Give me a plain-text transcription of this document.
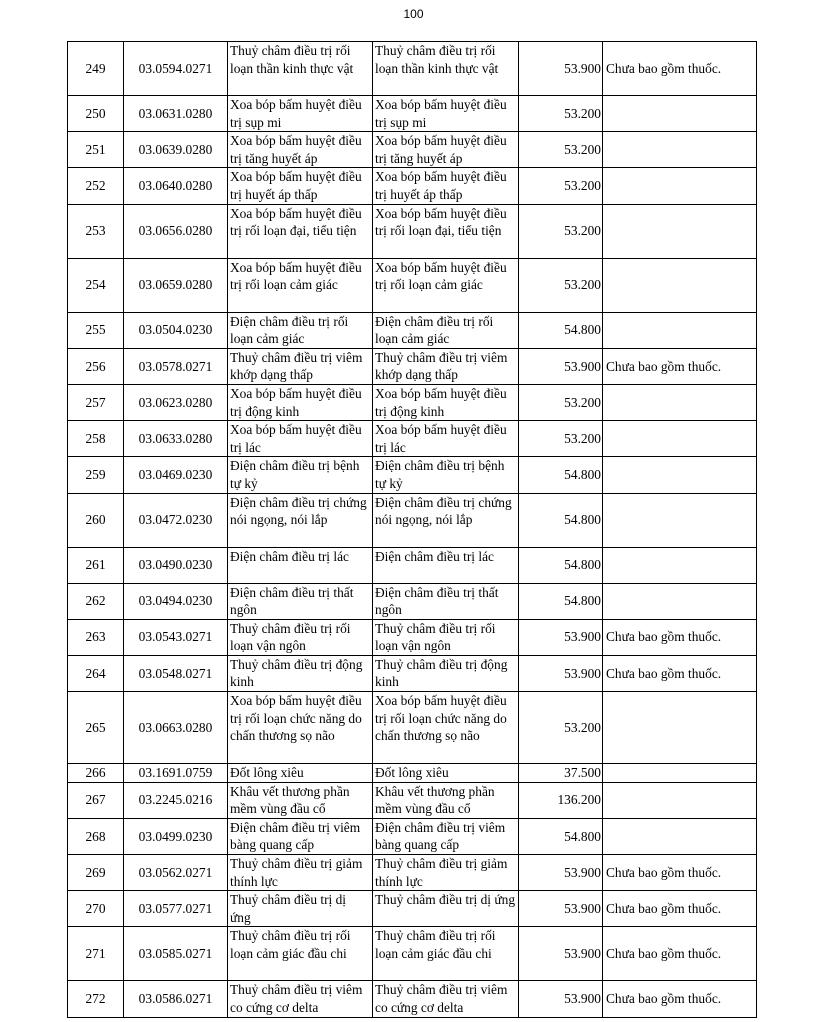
100
249	03.0594.0271	Thuỷ châm điều trị rối loạn thần kinh thực vật	Thuỷ châm điều trị rối loạn thần kinh thực vật	53.900	Chưa bao gồm thuốc.
250	03.0631.0280	Xoa bóp bấm huyệt điều trị sụp mi	Xoa bóp bấm huyệt điều trị sụp mi	53.200	
251	03.0639.0280	Xoa bóp bấm huyệt điều trị tăng huyết áp	Xoa bóp bấm huyệt điều trị tăng huyết áp	53.200	
252	03.0640.0280	Xoa bóp bấm huyệt điều trị huyết áp thấp	Xoa bóp bấm huyệt điều trị huyết áp thấp	53.200	
253	03.0656.0280	Xoa bóp bấm huyệt điều trị rối loạn đại, tiểu tiện	Xoa bóp bấm huyệt điều trị rối loạn đại, tiểu tiện	53.200	
254	03.0659.0280	Xoa bóp bấm huyệt điều trị rối loạn cảm giác	Xoa bóp bấm huyệt điều trị rối loạn cảm giác	53.200	
255	03.0504.0230	Điện châm điều trị rối loạn cảm giác	Điện châm điều trị rối loạn cảm giác	54.800	
256	03.0578.0271	Thuỷ châm điều trị viêm khớp dạng thấp	Thuỷ châm điều trị viêm khớp dạng thấp	53.900	Chưa bao gồm thuốc.
257	03.0623.0280	Xoa bóp bấm huyệt điều trị động kinh	Xoa bóp bấm huyệt điều trị động kinh	53.200	
258	03.0633.0280	Xoa bóp bấm huyệt điều trị lác	Xoa bóp bấm huyệt điều trị lác	53.200	
259	03.0469.0230	Điện châm điều trị bệnh tự kỷ	Điện châm điều trị bệnh tự kỷ	54.800	
260	03.0472.0230	Điện châm điều trị chứng nói ngọng, nói lắp	Điện châm điều trị chứng nói ngọng, nói lắp	54.800	
261	03.0490.0230	Điện châm điều trị lác	Điện châm điều trị lác	54.800	
262	03.0494.0230	Điện châm điều trị thất ngôn	Điện châm điều trị thất ngôn	54.800	
263	03.0543.0271	Thuỷ châm điều trị rối loạn vận ngôn	Thuỷ châm điều trị rối loạn vận ngôn	53.900	Chưa bao gồm thuốc.
264	03.0548.0271	Thuỷ châm điều trị động kinh	Thuỷ châm điều trị động kinh	53.900	Chưa bao gồm thuốc.
265	03.0663.0280	Xoa bóp bấm huyệt điều trị rối loạn chức năng do chấn thương sọ não	Xoa bóp bấm huyệt điều trị rối loạn chức năng do chấn thương sọ não	53.200	
266	03.1691.0759	Đốt lông xiêu	Đốt lông xiêu	37.500	
267	03.2245.0216	Khâu vết thương phần mềm vùng đầu cổ	Khâu vết thương phần mềm vùng đầu cổ	136.200	
268	03.0499.0230	Điện châm điều trị viêm bàng quang cấp	Điện châm điều trị viêm bàng quang cấp	54.800	
269	03.0562.0271	Thuỷ châm điều trị giảm thính lực	Thuỷ châm điều trị giảm thính lực	53.900	Chưa bao gồm thuốc.
270	03.0577.0271	Thuỷ châm điều trị dị ứng	Thuỷ châm điều trị dị ứng	53.900	Chưa bao gồm thuốc.
271	03.0585.0271	Thuỷ châm điều trị rối loạn cảm giác đầu chi	Thuỷ châm điều trị rối loạn cảm giác đầu chi	53.900	Chưa bao gồm thuốc.
272	03.0586.0271	Thuỷ châm điều trị viêm co cứng cơ delta	Thuỷ châm điều trị viêm co cứng cơ delta	53.900	Chưa bao gồm thuốc.
